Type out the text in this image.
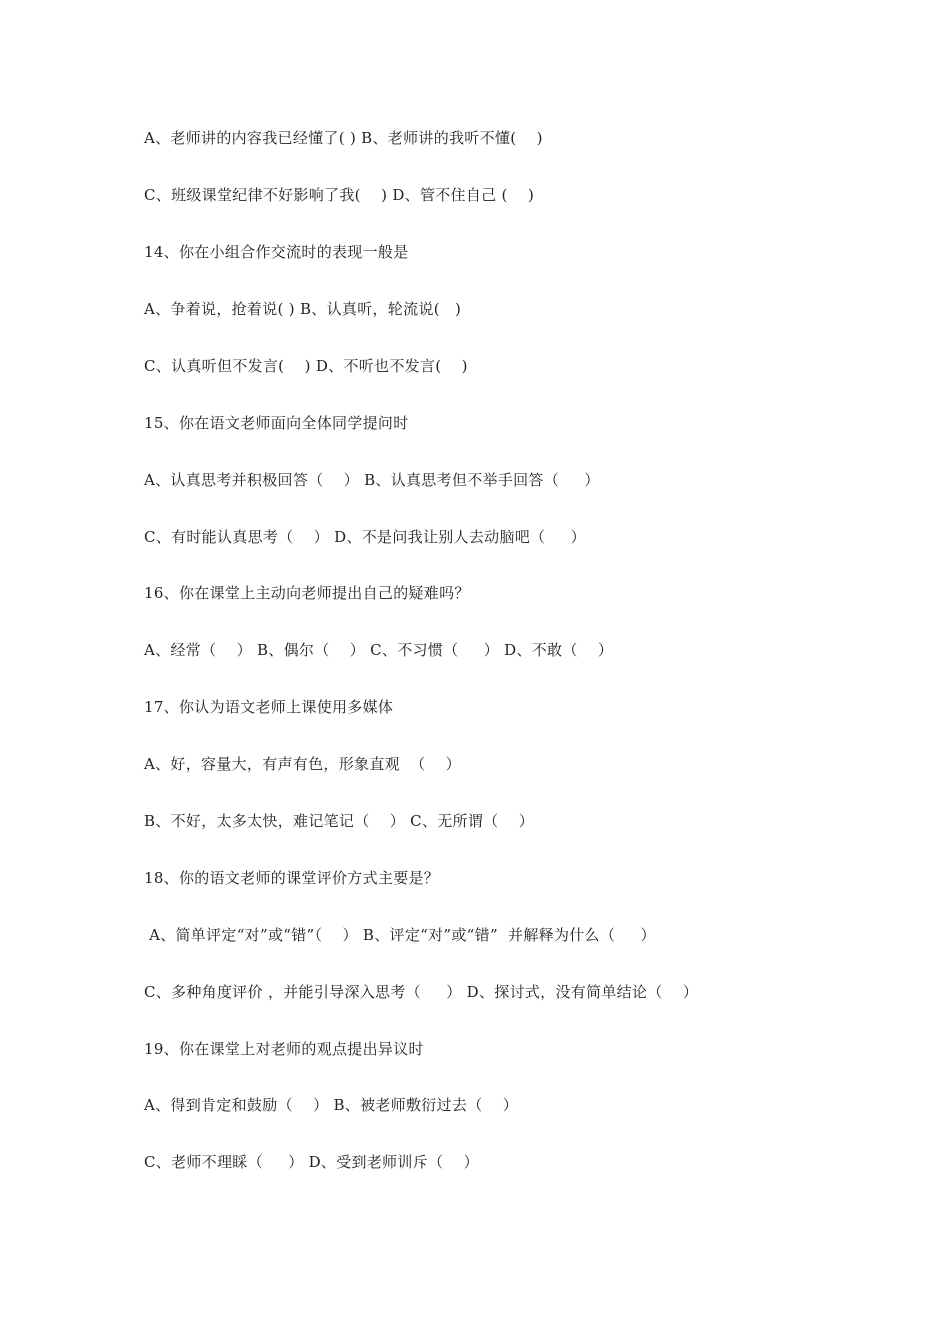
A、老师讲的内容我已经懂了( ) B、老师讲的我听不懂(    )
C、班级课堂纪律不好影响了我(    ) D、管不住自己 (    )
14、你在小组合作交流时的表现一般是
A、争着说，抢着说( ) B、认真听，轮流说(   )
C、认真听但不发言(    ) D、不听也不发言(    )
15、你在语文老师面向全体同学提问时
A、认真思考并积极回答（    ） B、认真思考但不举手回答（     ）
C、有时能认真思考（    ） D、不是问我让别人去动脑吧（     ）
16、你在课堂上主动向老师提出自己的疑难吗？
A、经常（    ） B、偶尔（    ） C、不习惯（     ） D、不敢（    ）
17、你认为语文老师上课使用多媒体
A、好，容量大，有声有色，形象直观  （    ）
B、不好，太多太快，难记笔记（    ） C、无所谓（    ）
18、你的语文老师的课堂评价方式主要是？
A、简单评定“对”或“错”（    ） B、评定“对”或“错”  并解释为什么（     ）
C、多种角度评价 ，并能引导深入思考（     ） D、探讨式，没有简单结论（    ）
19、你在课堂上对老师的观点提出异议时
A、得到肯定和鼓励（    ） B、被老师敷衍过去（    ）
C、老师不理睬（     ） D、受到老师训斥（    ）
